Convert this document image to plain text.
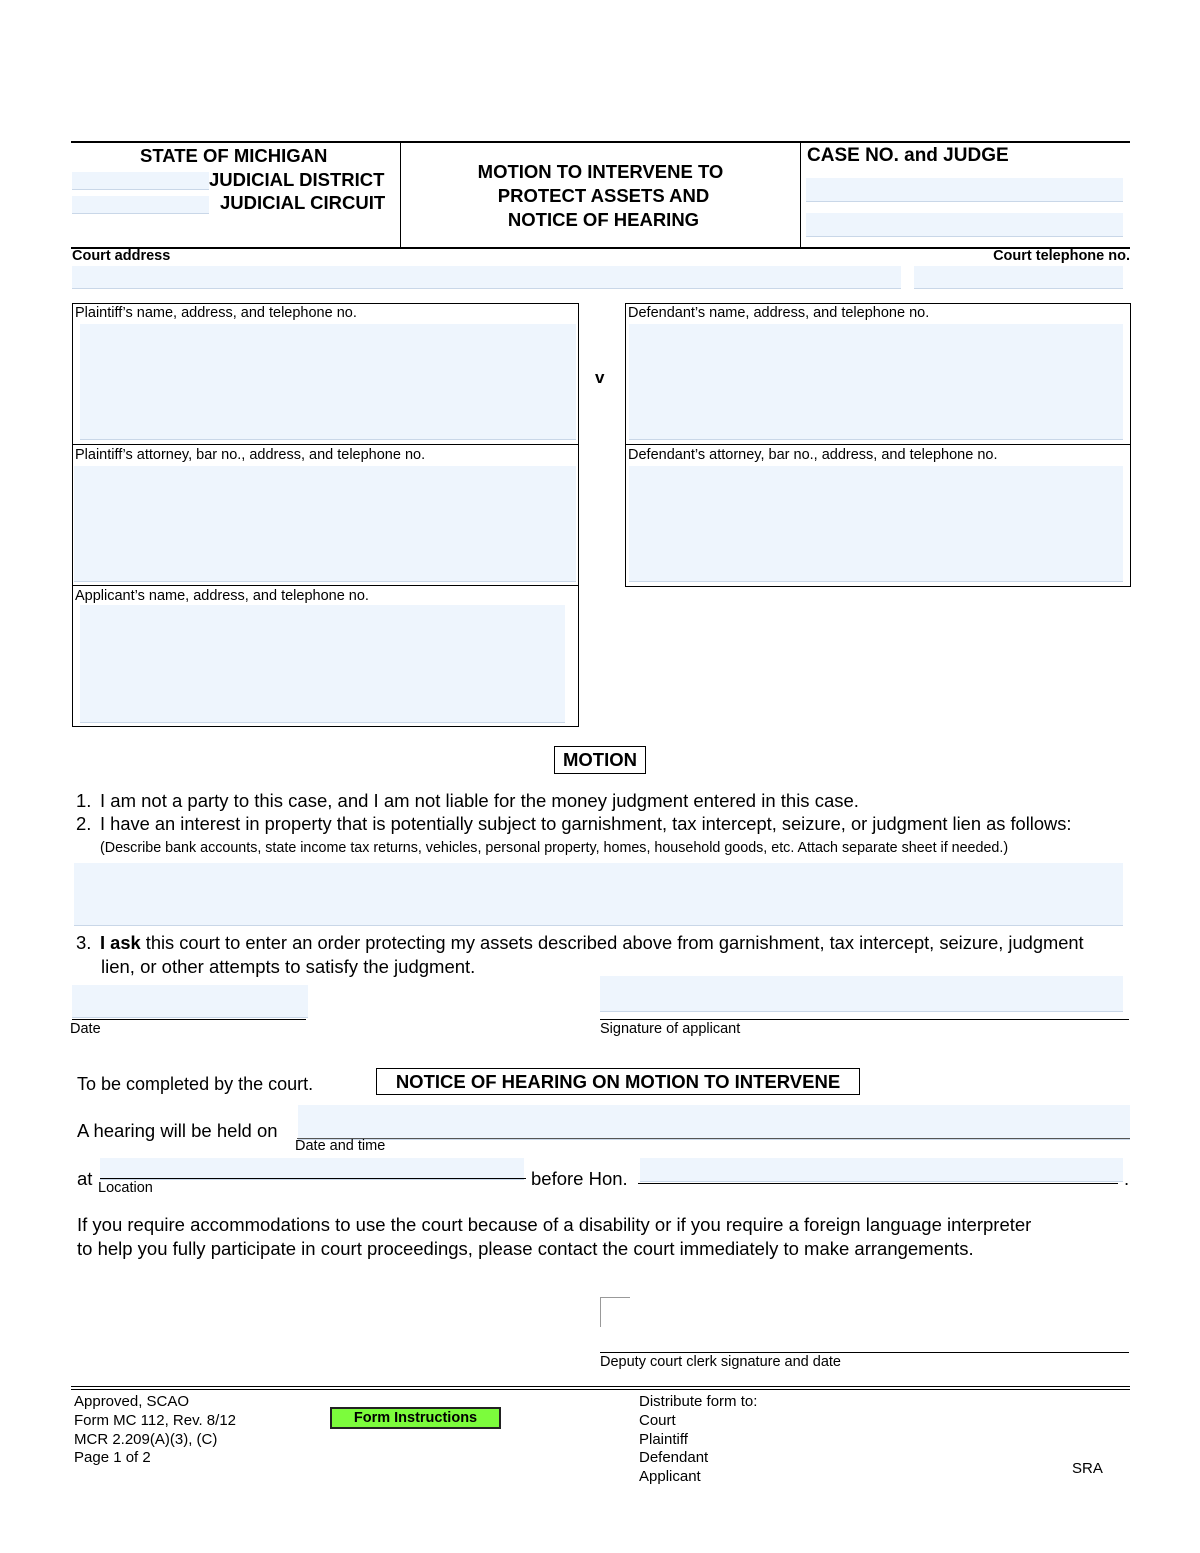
STATE OF MICHIGAN
JUDICIAL DISTRICT
JUDICIAL CIRCUIT
MOTION TO INTERVENE TO
PROTECT ASSETS AND
NOTICE OF HEARING
CASE NO. and JUDGE
Court address	Court telephone no.
Plaintiff’s name, address, and telephone no.
Plaintiff’s attorney, bar no., address, and telephone no.
Applicant’s name, address, and telephone no.
v
Defendant’s name, address, and telephone no.
Defendant’s attorney, bar no., address, and telephone no.
MOTION
1. I am not a party to this case, and I am not liable for the money judgment entered in this case.
2. I have an interest in property that is potentially subject to garnishment, tax intercept, seizure, or judgment lien as follows:
(Describe bank accounts, state income tax returns, vehicles, personal property, homes, household goods, etc. Attach separate sheet if needed.)
3. I ask this court to enter an order protecting my assets described above from garnishment, tax intercept, seizure, judgment
lien, or other attempts to satisfy the judgment.
Date	Signature of applicant
To be completed by the court.	NOTICE OF HEARING ON MOTION TO INTERVENE
A hearing will be held on
Date and time
at Location	before Hon.	.
If you require accommodations to use the court because of a disability or if you require a foreign language interpreter
to help you fully participate in court proceedings, please contact the court immediately to make arrangements.
Deputy court clerk signature and date
Approved, SCAO
Form MC 112, Rev. 8/12
MCR 2.209(A)(3), (C)
Page 1 of 2
Form Instructions
Distribute form to:
Court
Plaintiff
Defendant
Applicant	SRA
